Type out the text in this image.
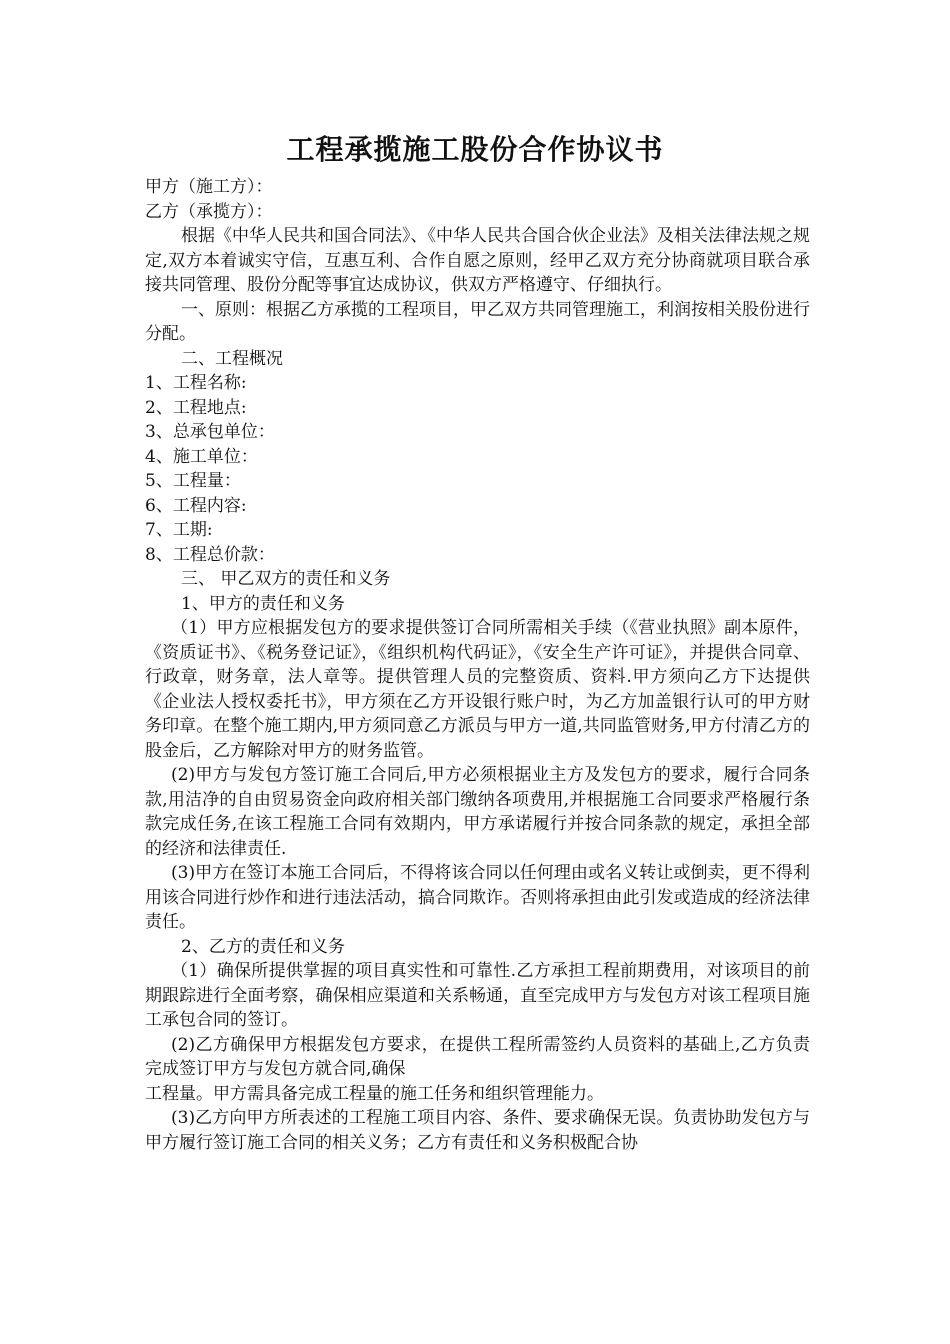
工程承揽施工股份合作协议书

甲方（施工方）：

乙方（承揽方）：

根据《中华人民共和国合同法》、《中华人民共合国合伙企业法》及相关法律法规之规定,双方本着诚实守信，互惠互利、合作自愿之原则，经甲乙双方充分协商就项目联合承接共同管理、股份分配等事宜达成协议，供双方严格遵守、仔细执行。

一、原则：根据乙方承揽的工程项目，甲乙双方共同管理施工，利润按相关股份进行分配。

二、工程概况

1、工程名称:

2、工程地点:

3、总承包单位：

4、施工单位：

5、工程量：

6、工程内容:

7、工期:

8、工程总价款：

三、 甲乙双方的责任和义务

1、甲方的责任和义务

（1）甲方应根据发包方的要求提供签订合同所需相关手续（《营业执照》副本原件，《资质证书》、《税务登记证》，《组织机构代码证》，《安全生产许可证》，并提供合同章、行政章，财务章，法人章等。提供管理人员的完整资质、资料.甲方须向乙方下达提供《企业法人授权委托书》，甲方须在乙方开设银行账户时，为乙方加盖银行认可的甲方财务印章。在整个施工期内,甲方须同意乙方派员与甲方一道,共同监管财务,甲方付清乙方的股金后，乙方解除对甲方的财务监管。

(2)甲方与发包方签订施工合同后,甲方必须根据业主方及发包方的要求，履行合同条款,用洁净的自由贸易资金向政府相关部门缴纳各项费用,并根据施工合同要求严格履行条款完成任务,在该工程施工合同有效期内，甲方承诺履行并按合同条款的规定，承担全部的经济和法律责任.

(3)甲方在签订本施工合同后，不得将该合同以任何理由或名义转让或倒卖，更不得利用该合同进行炒作和进行违法活动，搞合同欺诈。否则将承担由此引发或造成的经济法律责任。

2、乙方的责任和义务

（1）确保所提供掌握的项目真实性和可靠性.乙方承担工程前期费用，对该项目的前期跟踪进行全面考察，确保相应渠道和关系畅通，直至完成甲方与发包方对该工程项目施工承包合同的签订。

(2)乙方确保甲方根据发包方要求，在提供工程所需签约人员资料的基础上,乙方负责完成签订甲方与发包方就合同,确保

工程量。甲方需具备完成工程量的施工任务和组织管理能力。

(3)乙方向甲方所表述的工程施工项目内容、条件、要求确保无误。负责协助发包方与甲方履行签订施工合同的相关义务；乙方有责任和义务积极配合协
